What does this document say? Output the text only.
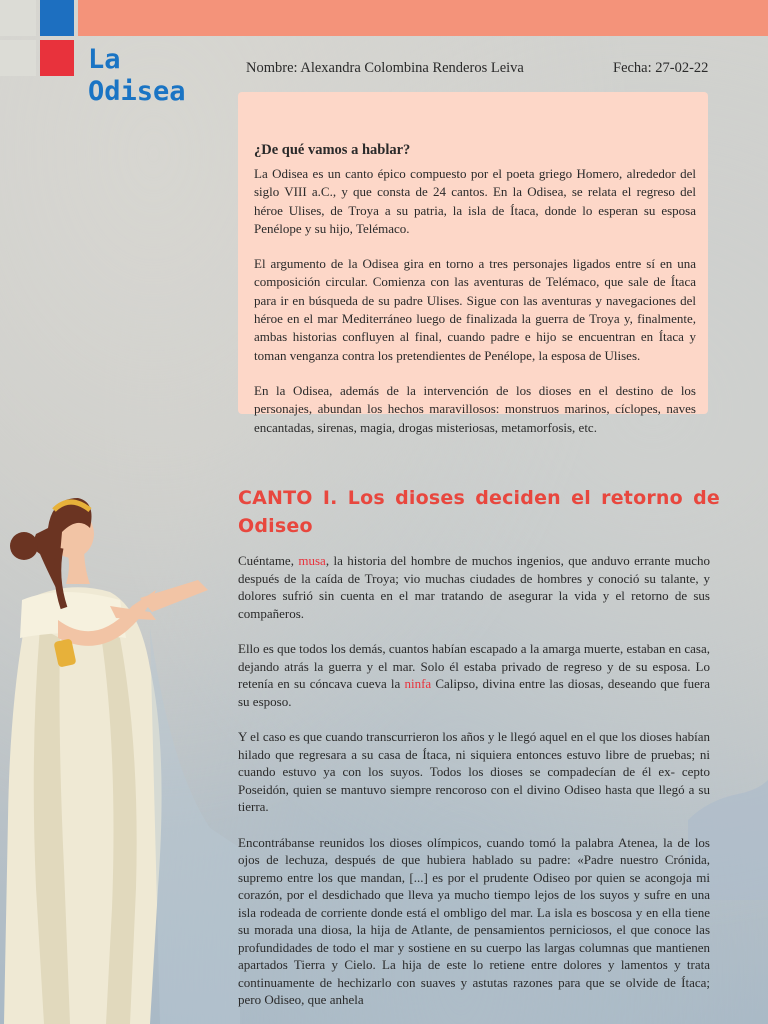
La
Odisea
Nombre: Alexandra Colombina Renderos Leiva	Fecha: 27-02-22
¿De qué vamos a hablar?

La Odisea es un canto épico compuesto por el poeta griego Homero, alrededor del siglo VIII a.C., y que consta de 24 cantos. En la Odisea, se relata el regreso del héroe Ulises, de Troya a su patria, la isla de Ítaca, donde lo esperan su esposa Penélope y su hijo, Telémaco.

El argumento de la Odisea gira en torno a tres personajes ligados entre sí en una composición circular. Comienza con las aventuras de Telémaco, que sale de Ítaca para ir en búsqueda de su padre Ulises. Sigue con las aventuras y navegaciones del héroe en el mar Mediterráneo luego de finalizada la guerra de Troya y, finalmente, ambas historias confluyen al final, cuando padre e hijo se encuentran en Ítaca y toman venganza contra los pretendientes de Penélope, la esposa de Ulises.

En la Odisea, además de la intervención de los dioses en el destino de los personajes, abundan los hechos maravillosos: monstruos marinos, cíclopes, naves encantadas, sirenas, magia, drogas misteriosas, metamorfosis, etc.

CANTO I. Los dioses deciden el retorno de Odiseo

Cuéntame, musa, la historia del hombre de muchos ingenios, que anduvo errante mucho después de la caída de Troya; vio muchas ciudades de hombres y conoció su talante, y dolores sufrió sin cuenta en el mar tratando de asegurar la vida y el retorno de sus compañeros.

Ello es que todos los demás, cuantos habían escapado a la amarga muerte, estaban en casa, dejando atrás la guerra y el mar. Solo él estaba privado de regreso y de su esposa. Lo retenía en su cóncava cueva la ninfa Calipso, divina entre las diosas, deseando que fuera su esposo.

Y el caso es que cuando transcurrieron los años y le llegó aquel en el que los dioses habían hilado que regresara a su casa de Ítaca, ni siquiera entonces estuvo libre de pruebas; ni cuando estuvo ya con los suyos. Todos los dioses se compadecían de él ex- cepto Poseidón, quien se mantuvo siempre rencoroso con el divino Odiseo hasta que llegó a su tierra.

Encontrábanse reunidos los dioses olímpicos, cuando tomó la palabra Atenea, la de los ojos de lechuza, después de que hubiera hablado su padre: «Padre nuestro Crónida, supremo entre los que mandan, [...] es por el prudente Odiseo por quien se acongoja mi corazón, por el desdichado que lleva ya mucho tiempo lejos de los suyos y sufre en una isla rodeada de corriente donde está el ombligo del mar. La isla es boscosa y en ella tiene su morada una diosa, la hija de Atlante, de pensamientos perniciosos, el que conoce las profundidades de todo el mar y sostiene en su cuerpo las largas columnas que mantienen apartados Tierra y Cielo. La hija de este lo retiene entre dolores y lamentos y trata continuamente de hechizarlo con suaves y astutas razones para que se olvide de Ítaca; pero Odiseo, que anhela
